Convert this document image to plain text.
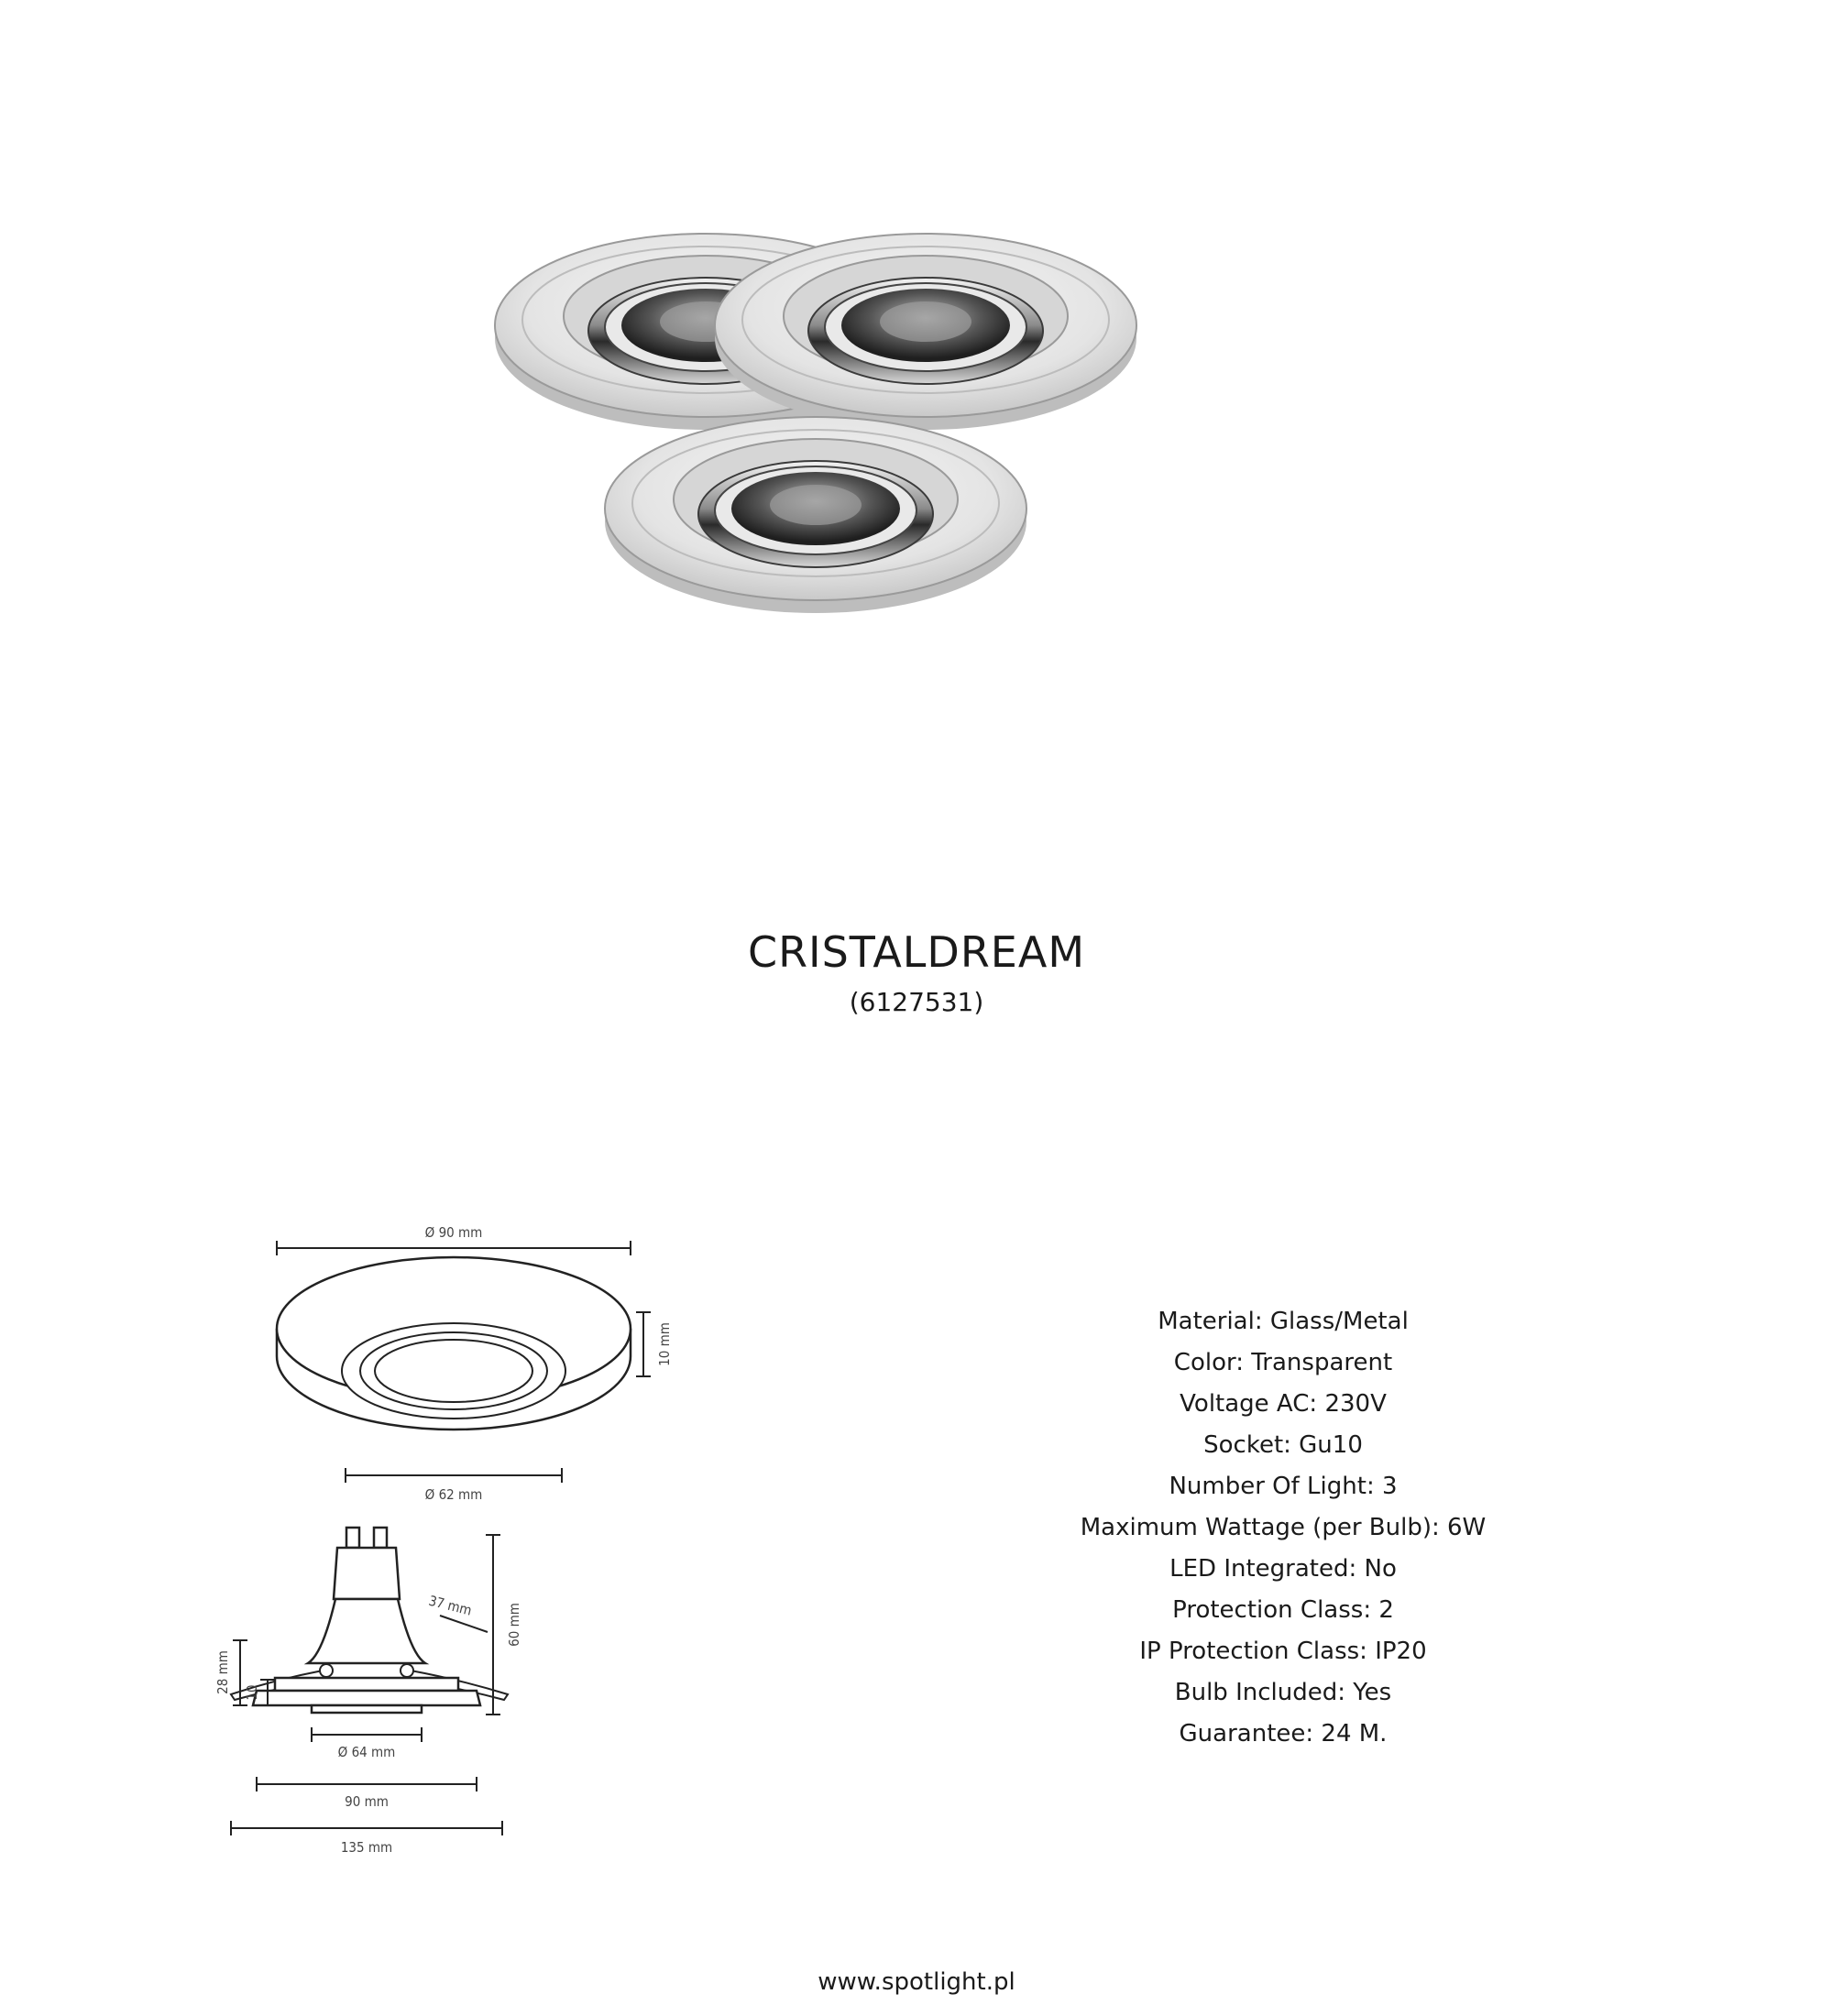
CRISTALDREAM
(6127531)
Ø 90 mm
10 mm
Ø 62 mm
37 mm 60 mm
28 mm 10
Ø 64 mm
90 mm
135 mm
Material: Glass/Metal
Color: Transparent
Voltage AC: 230V
Socket: Gu10
Number Of Light: 3
Maximum Wattage (per Bulb): 6W
LED Integrated: No
Protection Class: 2
IP Protection Class: IP20
Bulb Included: Yes
Guarantee: 24 M.
www.spotlight.pl
